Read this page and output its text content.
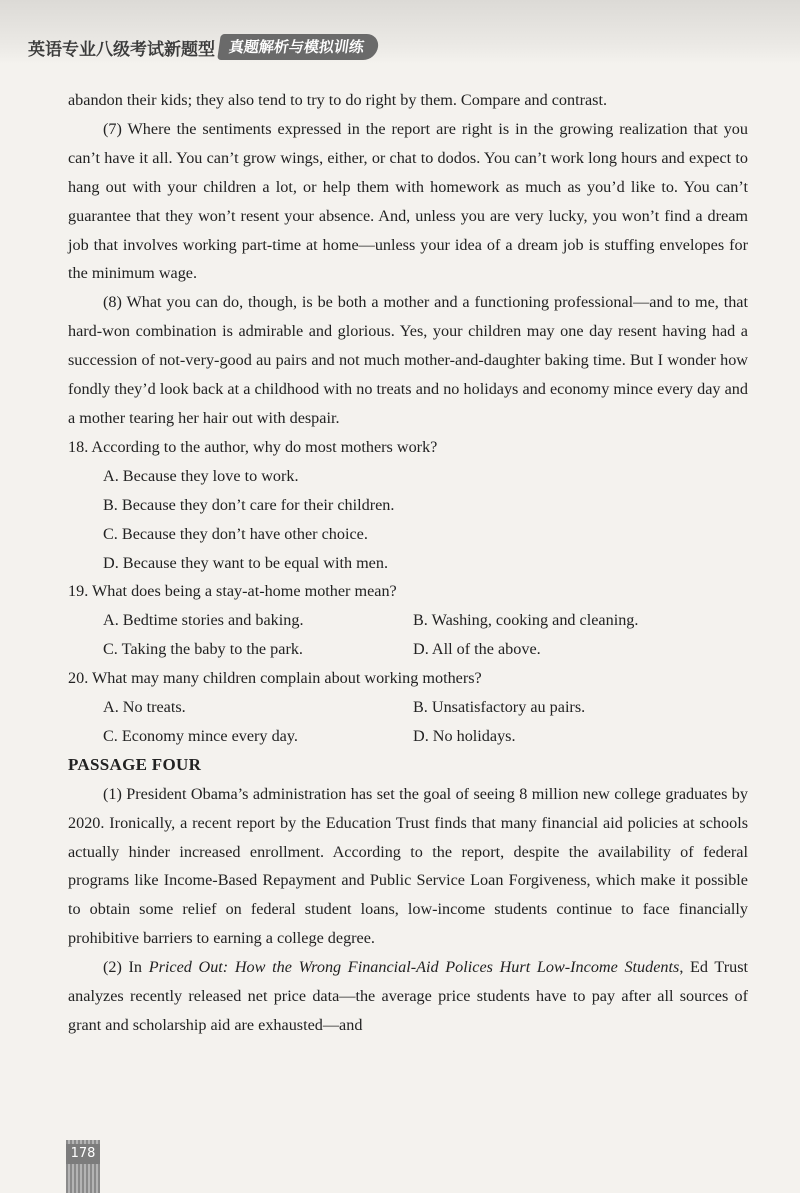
英语专业八级考试新题型 真题解析与模拟训练

abandon their kids; they also tend to try to do right by them. Compare and contrast.

(7) Where the sentiments expressed in the report are right is in the growing realization that you can’t have it all. You can’t grow wings, either, or chat to dodos. You can’t work long hours and expect to hang out with your children a lot, or help them with homework as much as you’d like to. You can’t guarantee that they won’t resent your absence. And, unless you are very lucky, you won’t find a dream job that involves working part-time at home—unless your idea of a dream job is stuffing envelopes for the minimum wage.

(8) What you can do, though, is be both a mother and a functioning professional—and to me, that hard-won combination is admirable and glorious. Yes, your children may one day resent having had a succession of not-very-good au pairs and not much mother-and-daughter baking time. But I wonder how fondly they’d look back at a childhood with no treats and no holidays and economy mince every day and a mother tearing her hair out with despair.

18. According to the author, why do most mothers work?

A. Because they love to work.

B. Because they don’t care for their children.

C. Because they don’t have other choice.

D. Because they want to be equal with men.

19. What does being a stay-at-home mother mean?

A. Bedtime stories and baking.	B. Washing, cooking and cleaning.
C. Taking the baby to the park.	D. All of the above.

20. What may many children complain about working mothers?

A. No treats.	B. Unsatisfactory au pairs.
C. Economy mince every day.	D. No holidays.

PASSAGE FOUR

(1) President Obama’s administration has set the goal of seeing 8 million new college graduates by 2020. Ironically, a recent report by the Education Trust finds that many financial aid policies at schools actually hinder increased enrollment. According to the report, despite the availability of federal programs like Income-Based Repayment and Public Service Loan Forgiveness, which make it possible to obtain some relief on federal student loans, low-income students continue to face financially prohibitive barriers to earning a college degree.

(2) In Priced Out: How the Wrong Financial-Aid Polices Hurt Low-Income Students, Ed Trust analyzes recently released net price data—the average price students have to pay after all sources of grant and scholarship aid are exhausted—and

178
